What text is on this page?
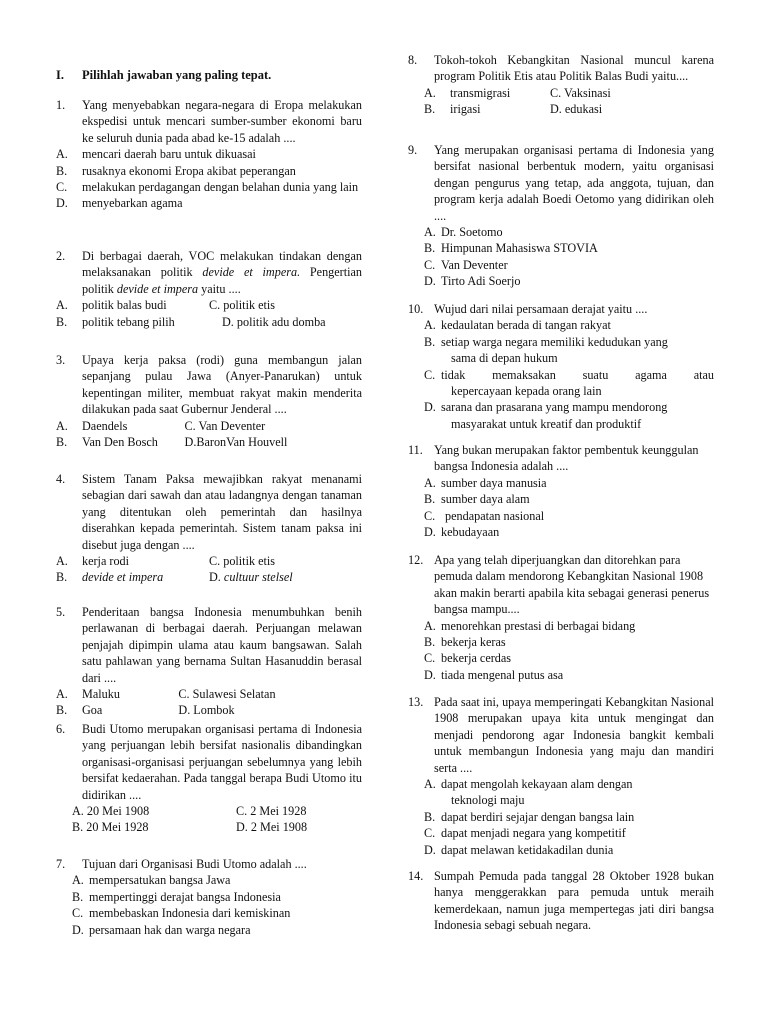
I. Pilihlah jawaban yang paling tepat.
1.	Yang menyebabkan negara-negara di Eropa melakukan ekspedisi untuk mencari sumber-sumber ekonomi baru ke seluruh dunia pada abad ke-15 adalah ....
A.	mencari daerah baru untuk dikuasai
B.	rusaknya ekonomi Eropa akibat peperangan
C.	melakukan perdagangan dengan belahan dunia yang lain
D.	menyebarkan agama
2.	Di berbagai daerah, VOC melakukan tindakan dengan melaksanakan politik devide et impera. Pengertian politik devide et impera yaitu ....
A.	politik balas budi	C. politik etis
B.	politik tebang pilih	D. politik adu domba
3.	Upaya kerja paksa (rodi) guna membangun jalan sepanjang pulau Jawa (Anyer-Panarukan) untuk kepentingan militer, membuat rakyat makin menderita dilakukan pada saat Gubernur Jenderal ....
A.	Daendels	C. Van Deventer
B.	Van Den Bosch	D.BaronVan Houvell
4.	Sistem Tanam Paksa mewajibkan rakyat menanami sebagian dari sawah dan atau ladangnya dengan tanaman yang ditentukan oleh pemerintah dan hasilnya diserahkan kepada pemerintah. Sistem tanam paksa ini disebut juga dengan ....
A.	kerja rodi	C. politik etis
B.	devide et impera	D. cultuur stelsel
5.	Penderitaan bangsa Indonesia menumbuhkan benih perlawanan di berbagai daerah. Perjuangan melawan penjajah dipimpin ulama atau kaum bangsawan. Salah satu pahlawan yang bernama Sultan Hasanuddin berasal dari ....
A.	Maluku	C. Sulawesi Selatan
B.	Goa	D. Lombok
6.	Budi Utomo merupakan organisasi pertama di Indonesia yang perjuangan lebih bersifat nasionalis dibandingkan organisasi-organisasi perjuangan sebelumnya yang lebih bersifat kedaerahan. Pada tanggal berapa Budi Utomo itu didirikan ....
A. 20 Mei 1908	C. 2 Mei 1928
B. 20 Mei 1928	D. 2 Mei 1908
7.	Tujuan dari Organisasi Budi Utomo adalah ....
A. mempersatukan bangsa Jawa
B. mempertinggi derajat bangsa Indonesia
C. membebaskan Indonesia dari kemiskinan
D. persamaan hak dan warga negara
8.	Tokoh-tokoh Kebangkitan Nasional muncul karena program Politik Etis atau Politik Balas Budi yaitu....
A.	transmigrasi	C. Vaksinasi
B.	irigasi	D. edukasi
9.	Yang merupakan organisasi pertama di Indonesia yang bersifat nasional berbentuk modern, yaitu organisasi dengan pengurus yang tetap, ada anggota, tujuan, dan program kerja adalah Boedi Oetomo yang didirikan oleh ....
A. Dr. Soetomo
B. Himpunan Mahasiswa STOVIA
C. Van Deventer
D. Tirto Adi Soerjo
10. Wujud dari nilai persamaan derajat yaitu ....
A. kedaulatan berada di tangan rakyat
B. setiap warga negara memiliki kedudukan yang
sama di depan hukum
C. tidak memaksakan suatu agama atau
kepercayaan kepada orang lain
D. sarana dan prasarana yang mampu mendorong
masyarakat untuk kreatif dan produktif
11. Yang bukan merupakan faktor pembentuk keunggulan bangsa Indonesia adalah ....
A. sumber daya manusia
B. sumber daya alam
C. pendapatan nasional
D. kebudayaan
12. Apa yang telah diperjuangkan dan ditorehkan para pemuda dalam mendorong Kebangkitan Nasional 1908 akan makin berarti apabila kita sebagai generasi penerus bangsa mampu....
A. menorehkan prestasi di berbagai bidang
B. bekerja keras
C. bekerja cerdas
D. tiada mengenal putus asa
13. Pada saat ini, upaya memperingati Kebangkitan Nasional 1908 merupakan upaya kita untuk mengingat dan menjadi pendorong agar Indonesia bangkit kembali untuk membangun Indonesia yang maju dan mandiri serta ....
A. dapat mengolah kekayaan alam dengan
teknologi maju
B. dapat berdiri sejajar dengan bangsa lain
C. dapat menjadi negara yang kompetitif
D. dapat melawan ketidakadilan dunia
14. Sumpah Pemuda pada tanggal 28 Oktober 1928 bukan hanya menggerakkan para pemuda untuk meraih kemerdekaan, namun juga mempertegas jati diri bangsa Indonesia sebagi sebuah negara.
